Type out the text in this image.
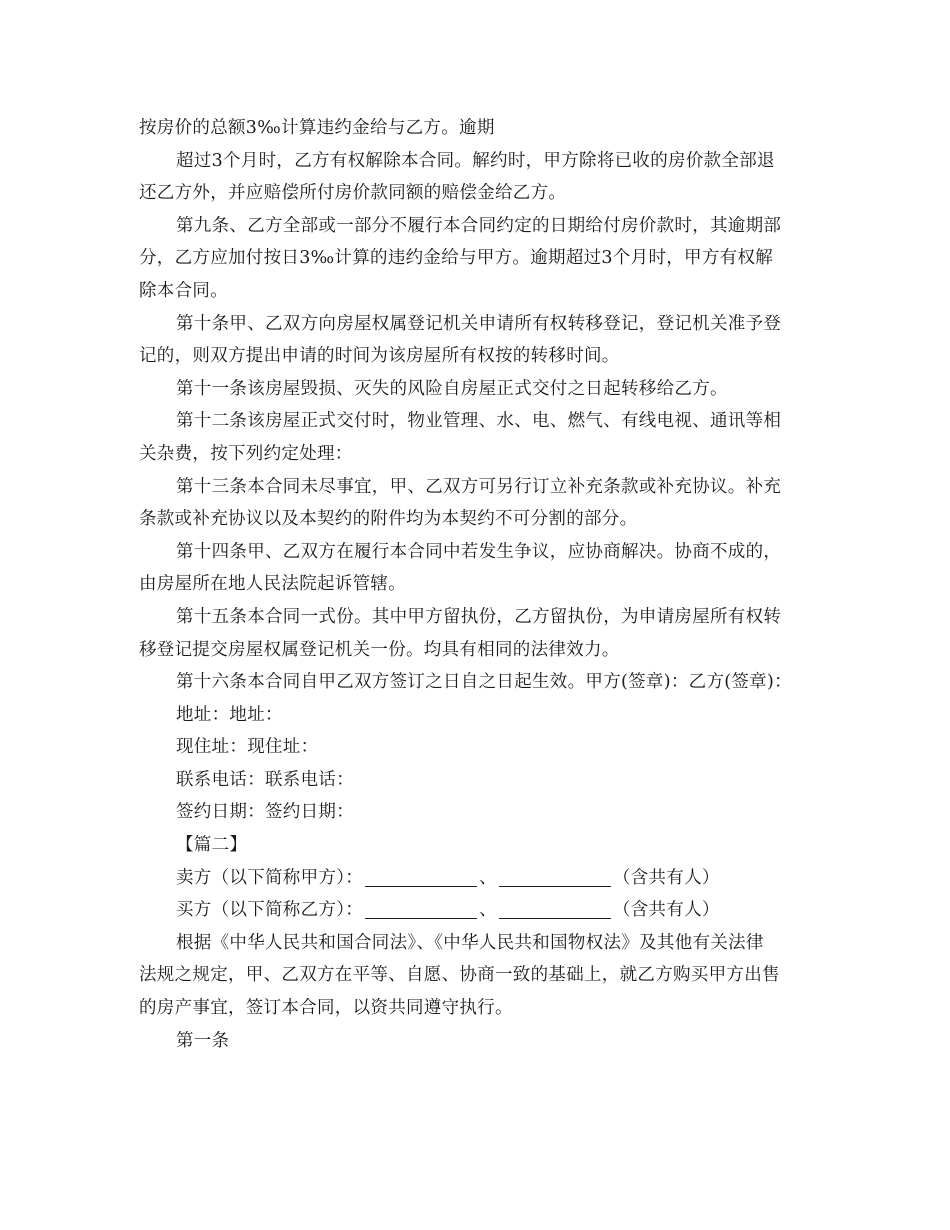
按房价的总额3‰计算违约金给与乙方。逾期
超过3个月时，乙方有权解除本合同。解约时，甲方除将已收的房价款全部退
还乙方外，并应赔偿所付房价款同额的赔偿金给乙方。
第九条、乙方全部或一部分不履行本合同约定的日期给付房价款时，其逾期部
分，乙方应加付按日3‰计算的违约金给与甲方。逾期超过3个月时，甲方有权解
除本合同。
第十条甲、乙双方向房屋权属登记机关申请所有权转移登记，登记机关准予登
记的，则双方提出申请的时间为该房屋所有权按的转移时间。
第十一条该房屋毁损、灭失的风险自房屋正式交付之日起转移给乙方。
第十二条该房屋正式交付时，物业管理、水、电、燃气、有线电视、通讯等相
关杂费，按下列约定处理：
第十三条本合同未尽事宜，甲、乙双方可另行订立补充条款或补充协议。补充
条款或补充协议以及本契约的附件均为本契约不可分割的部分。
第十四条甲、乙双方在履行本合同中若发生争议，应协商解决。协商不成的，
由房屋所在地人民法院起诉管辖。
第十五条本合同一式份。其中甲方留执份，乙方留执份，为申请房屋所有权转
移登记提交房屋权属登记机关一份。均具有相同的法律效力。
第十六条本合同自甲乙双方签订之日自之日起生效。甲方(签章)：乙方(签章)：
地址：地址：
现住址：现住址：
联系电话：联系电话：
签约日期：签约日期：
【篇二】
卖方（以下简称甲方）：	、	（含共有人）
买方（以下简称乙方）：	、	（含共有人）
根据《中华人民共和国合同法》、《中华人民共和国物权法》及其他有关法律
法规之规定，甲、乙双方在平等、自愿、协商一致的基础上，就乙方购买甲方出售
的房产事宜，签订本合同，以资共同遵守执行。
第一条
